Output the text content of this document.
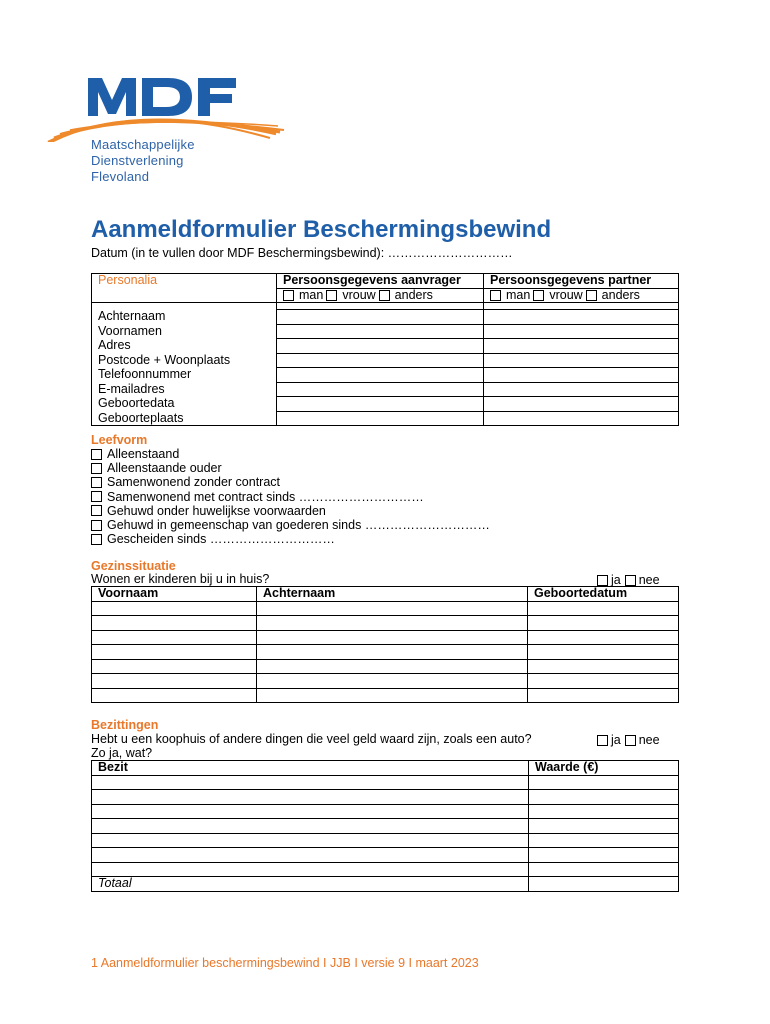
Maatschappelijke
Dienstverlening
Flevoland
Aanmeldformulier Beschermingsbewind
Datum (in te vullen door MDF Beschermingsbewind): …………………………
Personalia	Persoonsgegevens aanvrager	Persoonsgegevens partner

	man vrouw anders	man vrouw anders

Achternaam		
Voornamen		
Adres		
Postcode + Woonplaats		
Telefoonnummer		
E-mailadres		
Geboortedata		
Geboorteplaats		
Leefvorm
Alleenstaand
Alleenstaande ouder
Samenwonend zonder contract
Samenwonend met contract sinds …………………………
Gehuwd onder huwelijkse voorwaarden
Gehuwd in gemeenschap van goederen sinds …………………………
Gescheiden sinds …………………………
Gezinssituatie
Wonen er kinderen bij u in huis?	ja nee
Voornaam	Achternaam	Geboortedatum

Bezittingen
Hebt u een koophuis of andere dingen die veel geld waard zijn, zoals een auto?
Zo ja, wat?
ja nee
Bezit	Waarde (€)

Totaal	
1 Aanmeldformulier beschermingsbewind I JJB I versie 9 I maart 2023
